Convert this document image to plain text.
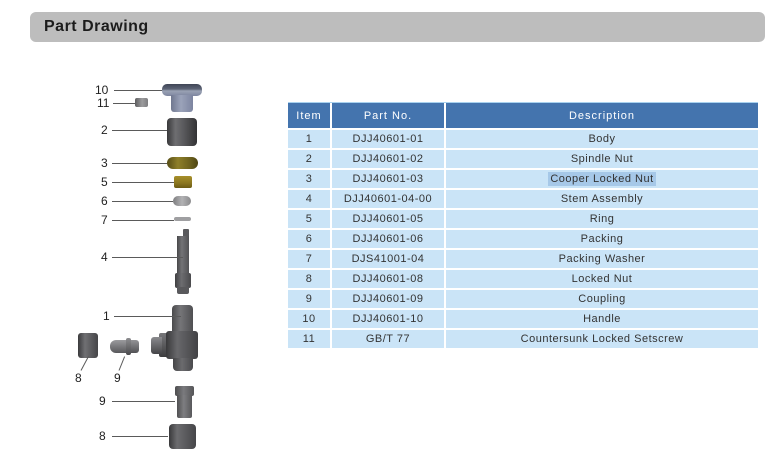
Part Drawing
10
11
2
3
5
6
7
4
1
8	9
9
8
Item	Part No.	Description
1	DJJ40601-01	Body
2	DJJ40601-02	Spindle Nut
3	DJJ40601-03	Cooper Locked Nut
4	DJJ40601-04-00	Stem Assembly
5	DJJ40601-05	Ring
6	DJJ40601-06	Packing
7	DJS41001-04	Packing Washer
8	DJJ40601-08	Locked Nut
9	DJJ40601-09	Coupling
10	DJJ40601-10	Handle
11	GB/T 77	Countersunk Locked Setscrew
